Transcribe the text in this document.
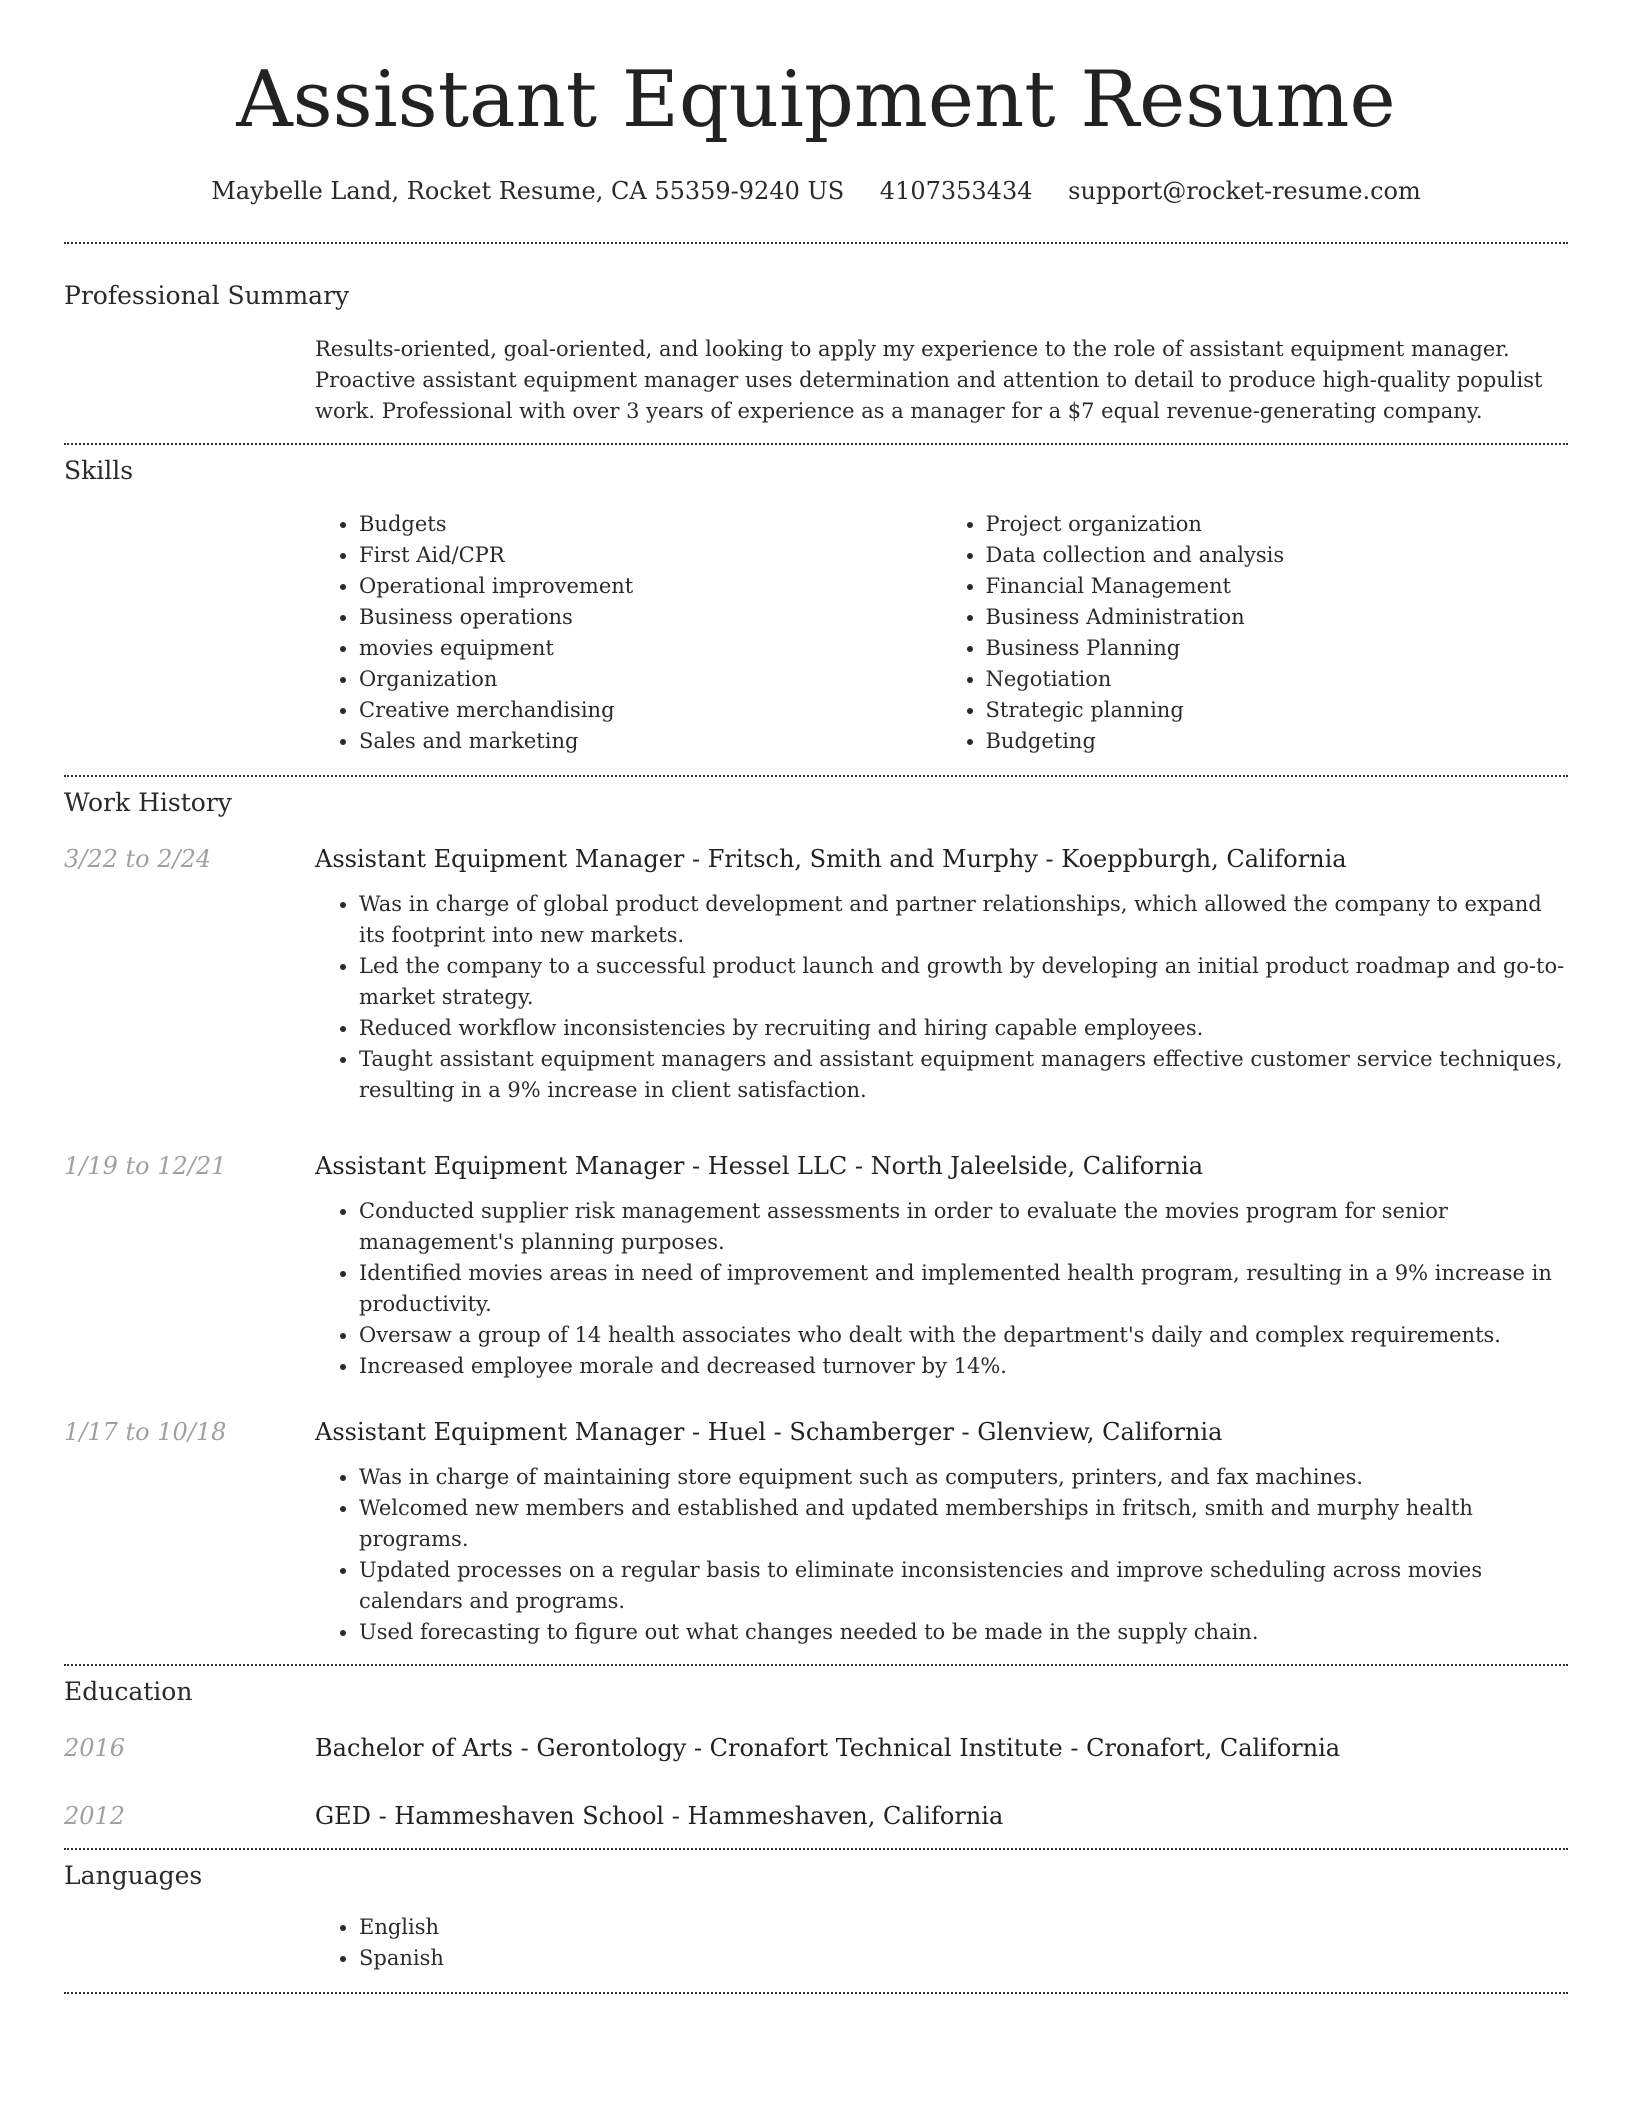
Assistant Equipment Resume
Maybelle Land, Rocket Resume, CA 55359-9240 US 4107353434 support@rocket-resume.com
Professional Summary

Results-oriented, goal-oriented, and looking to apply my experience to the role of assistant equipment manager. Proactive assistant equipment manager uses determination and attention to detail to produce high-quality populist work. Professional with over 3 years of experience as a manager for a $7 equal revenue-generating company.

Skills
• Budgets
• First Aid/CPR
• Operational improvement
• Business operations
• movies equipment
• Organization
• Creative merchandising
• Sales and marketing
• Project organization
• Data collection and analysis
• Financial Management
• Business Administration
• Business Planning
• Negotiation
• Strategic planning
• Budgeting
Work History
3/22 to 2/24	Assistant Equipment Manager - Fritsch, Smith and Murphy - Koeppburgh, California
• Was in charge of global product development and partner relationships, which allowed the company to expand its footprint into new markets.
• Led the company to a successful product launch and growth by developing an initial product roadmap and go-to-market strategy.
• Reduced workflow inconsistencies by recruiting and hiring capable employees.
• Taught assistant equipment managers and assistant equipment managers effective customer service techniques, resulting in a 9% increase in client satisfaction.
1/19 to 12/21	Assistant Equipment Manager - Hessel LLC - North Jaleelside, California
• Conducted supplier risk management assessments in order to evaluate the movies program for senior management's planning purposes.
• Identified movies areas in need of improvement and implemented health program, resulting in a 9% increase in productivity.
• Oversaw a group of 14 health associates who dealt with the department's daily and complex requirements.
• Increased employee morale and decreased turnover by 14%.
1/17 to 10/18	Assistant Equipment Manager - Huel - Schamberger - Glenview, California
• Was in charge of maintaining store equipment such as computers, printers, and fax machines.
• Welcomed new members and established and updated memberships in fritsch, smith and murphy health programs.
• Updated processes on a regular basis to eliminate inconsistencies and improve scheduling across movies calendars and programs.
• Used forecasting to figure out what changes needed to be made in the supply chain.
Education
2016	Bachelor of Arts - Gerontology - Cronafort Technical Institute - Cronafort, California
2012	GED - Hammeshaven School - Hammeshaven, California
Languages
• English
• Spanish
